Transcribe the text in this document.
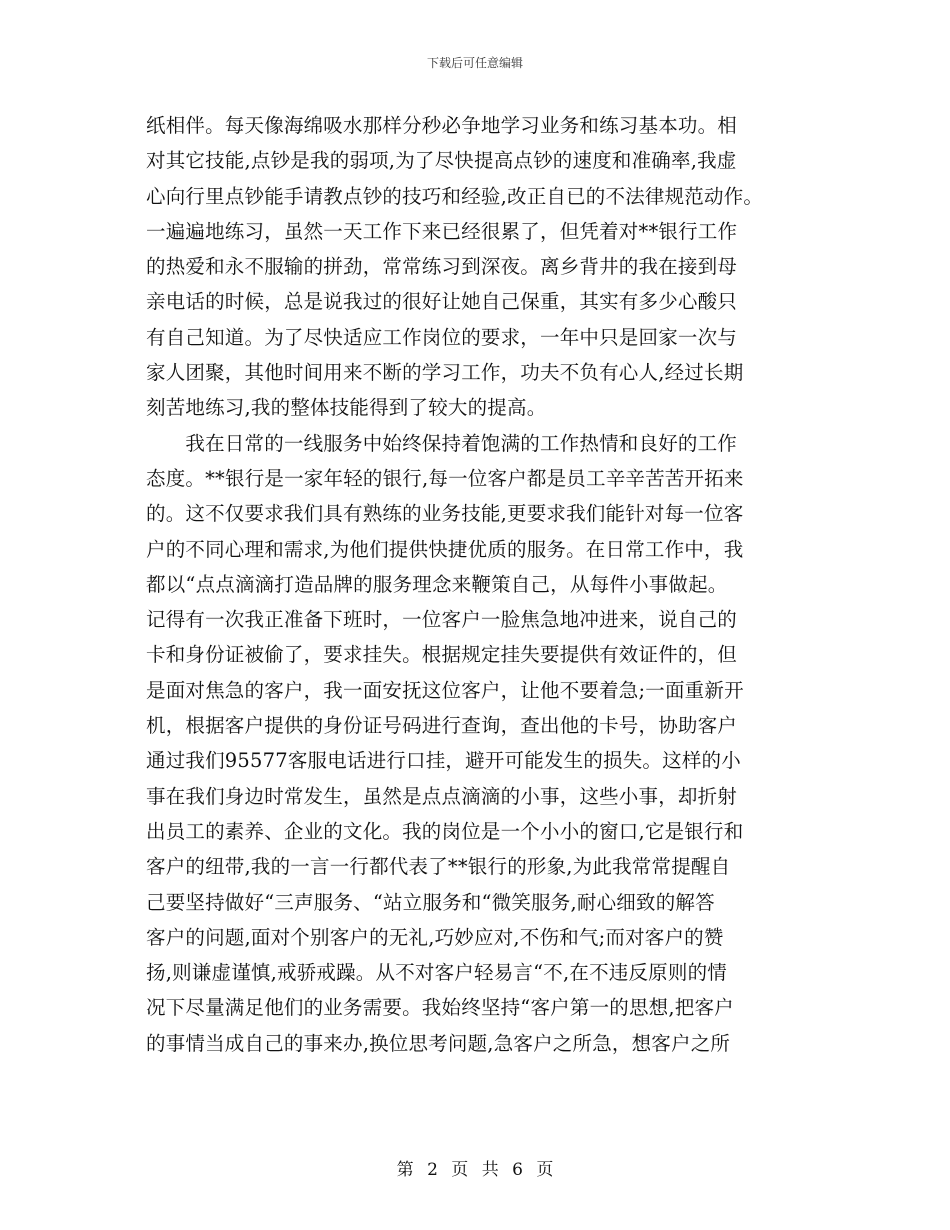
下载后可任意编辑
纸相伴。每天像海绵吸水那样分秒必争地学习业务和练习基本功。相
对其它技能,点钞是我的弱项,为了尽快提高点钞的速度和准确率,我虚
心向行里点钞能手请教点钞的技巧和经验,改正自已的不法律规范动作。
一遍遍地练习，虽然一天工作下来已经很累了，但凭着对**银行工作
的热爱和永不服输的拼劲，常常练习到深夜。离乡背井的我在接到母
亲电话的时候，总是说我过的很好让她自己保重，其实有多少心酸只
有自己知道。为了尽快适应工作岗位的要求，一年中只是回家一次与
家人团聚，其他时间用来不断的学习工作，功夫不负有心人,经过长期
刻苦地练习,我的整体技能得到了较大的提高。
　　我在日常的一线服务中始终保持着饱满的工作热情和良好的工作
态度。**银行是一家年轻的银行,每一位客户都是员工辛辛苦苦开拓来
的。这不仅要求我们具有熟练的业务技能,更要求我们能针对每一位客
户的不同心理和需求,为他们提供快捷优质的服务。在日常工作中，我
都以“点点滴滴打造品牌的服务理念来鞭策自己，从每件小事做起。
记得有一次我正准备下班时，一位客户一脸焦急地冲进来，说自己的
卡和身份证被偷了，要求挂失。根据规定挂失要提供有效证件的，但
是面对焦急的客户，我一面安抚这位客户，让他不要着急;一面重新开
机，根据客户提供的身份证号码进行查询，查出他的卡号，协助客户
通过我们95577客服电话进行口挂，避开可能发生的损失。这样的小
事在我们身边时常发生，虽然是点点滴滴的小事，这些小事，却折射
出员工的素养、企业的文化。我的岗位是一个小小的窗口,它是银行和
客户的纽带,我的一言一行都代表了**银行的形象,为此我常常提醒自
己要坚持做好“三声服务、“站立服务和“微笑服务,耐心细致的解答
客户的问题,面对个别客户的无礼,巧妙应对,不伤和气;而对客户的赞
扬,则谦虚谨慎,戒骄戒躁。从不对客户轻易言“不,在不违反原则的情
况下尽量满足他们的业务需要。我始终坚持“客户第一的思想,把客户
的事情当成自己的事来办,换位思考问题,急客户之所急，想客户之所
第 2 页 共 6 页
